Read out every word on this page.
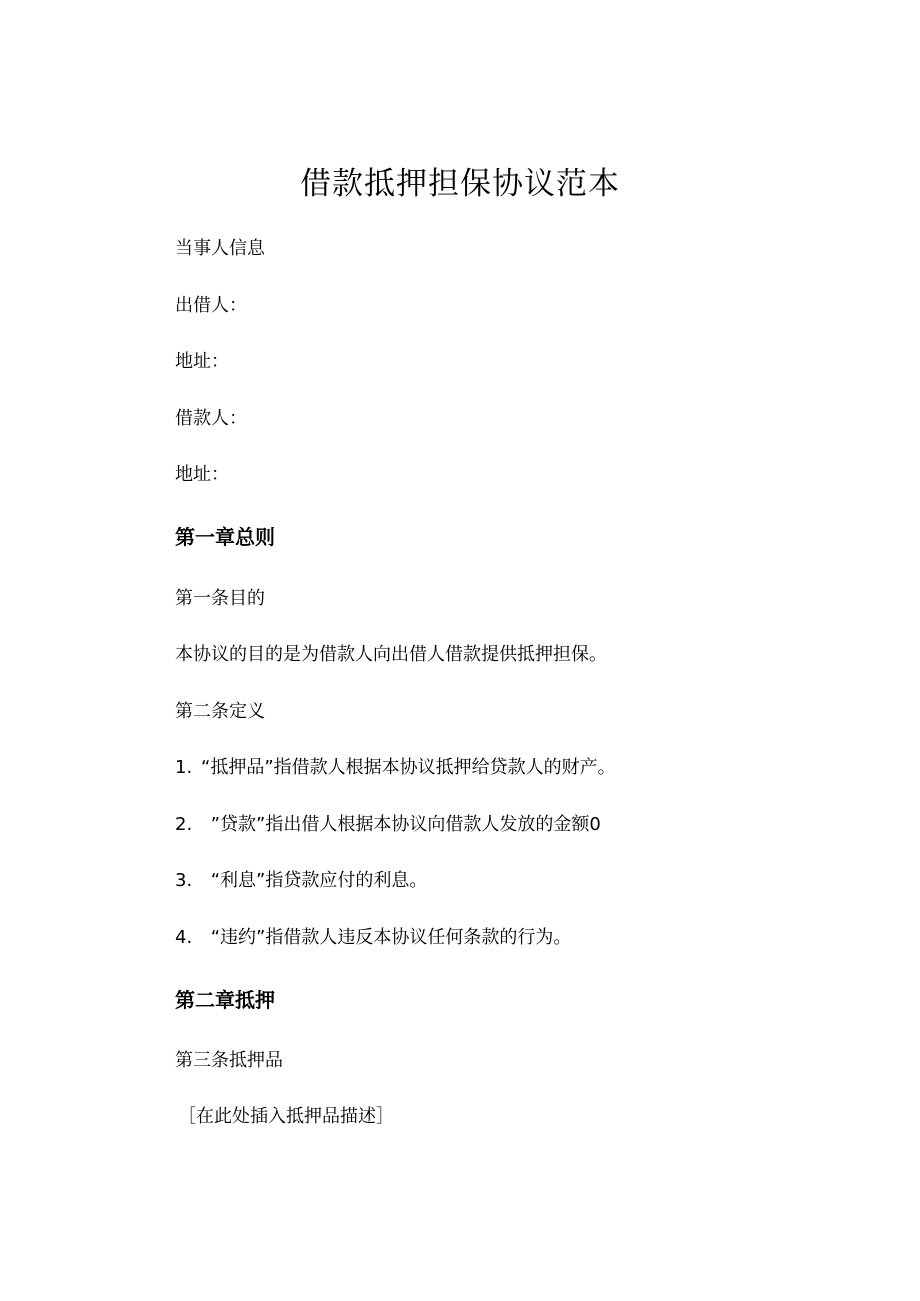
借款抵押担保协议范本
当事人信息
出借人：
地址：
借款人：
地址：
第一章总则
第一条目的
本协议的目的是为借款人向出借人借款提供抵押担保。
第二条定义
1. “抵押品”指借款人根据本协议抵押给贷款人的财产。
2. ”贷款”指出借人根据本协议向借款人发放的金额0
3. “利息”指贷款应付的利息。
4. “违约”指借款人违反本协议任何条款的行为。
第二章抵押
第三条抵押品
［在此处插入抵押品描述］
